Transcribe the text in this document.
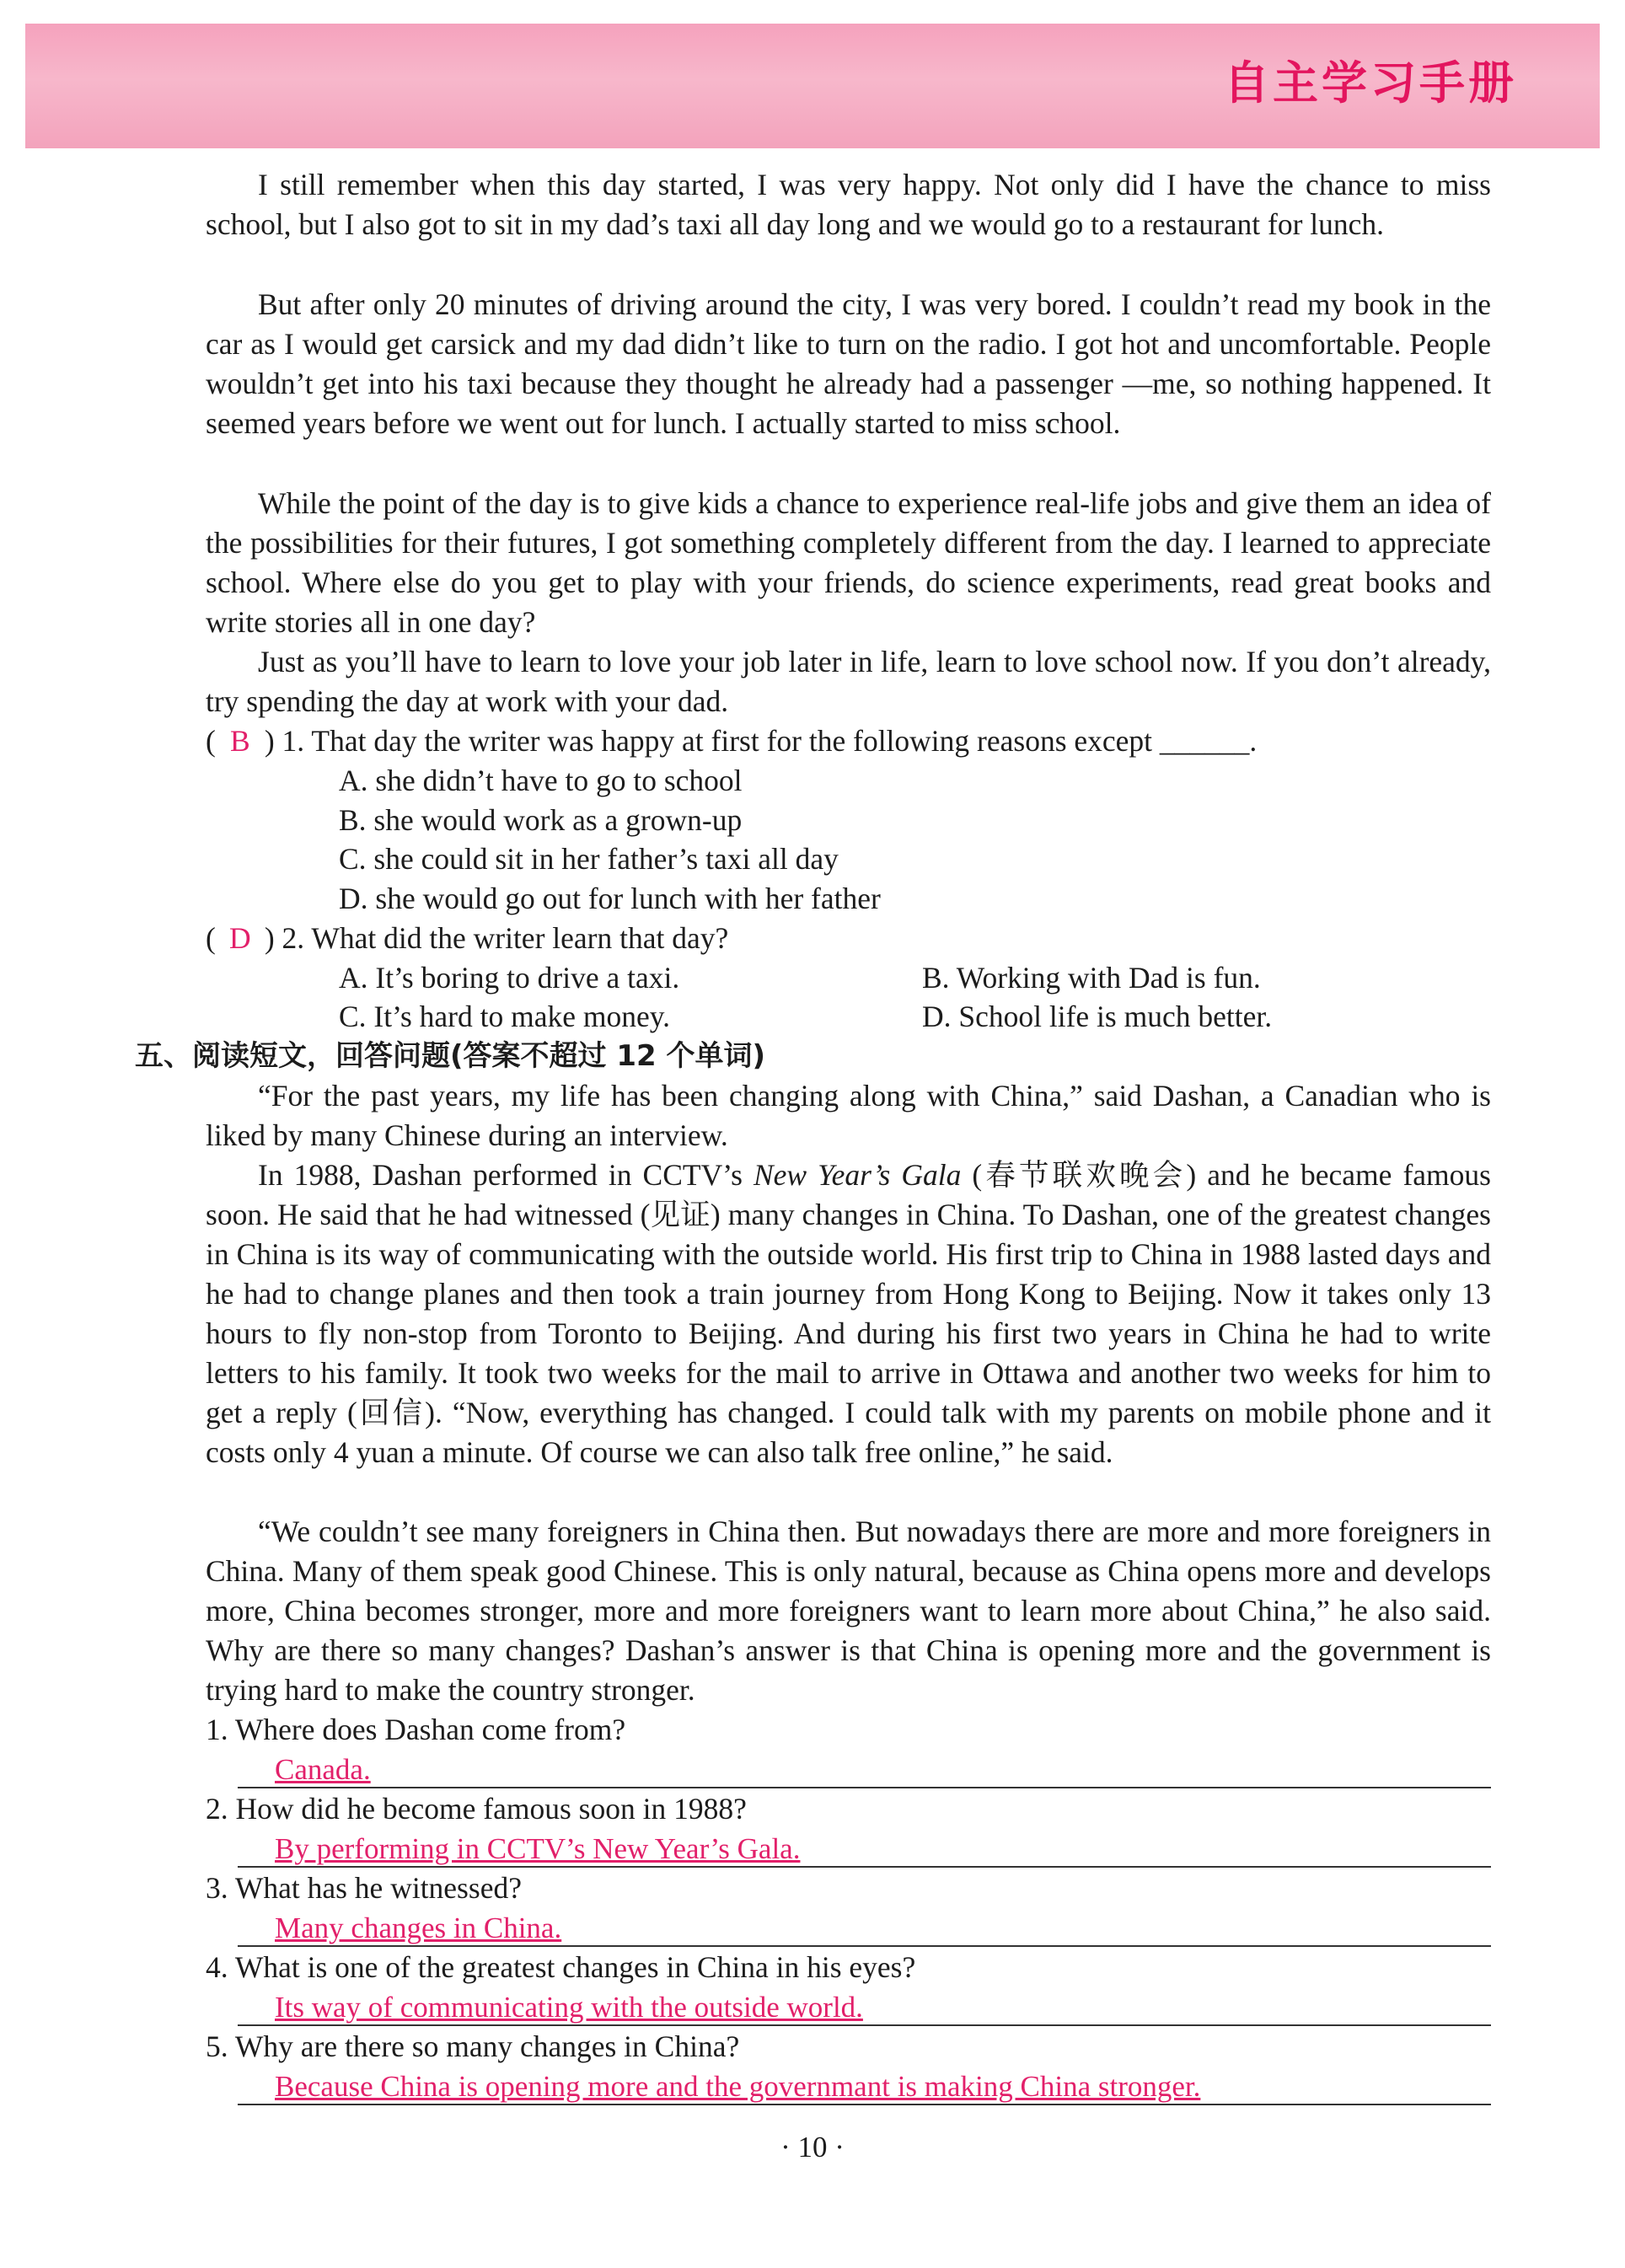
自主学习手册

I still remember when this day started, I was very happy. Not only did I have the chance to miss school, but I also got to sit in my dad’s taxi all day long and we would go to a restaurant for lunch.

But after only 20 minutes of driving around the city, I was very bored. I couldn’t read my book in the car as I would get carsick and my dad didn’t like to turn on the radio. I got hot and uncomfortable. People wouldn’t get into his taxi because they thought he already had a passenger —me, so nothing happened. It seemed years before we went out for lunch. I actually started to miss school.

While the point of the day is to give kids a chance to experience real-life jobs and give them an idea of the possibilities for their futures, I got something completely different from the day. I learned to appreciate school. Where else do you get to play with your friends, do science experiments, read great books and write stories all in one day?

Just as you’ll have to learn to love your job later in life, learn to love school now. If you don’t already, try spending the day at work with your dad.

( B ) 1. That day the writer was happy at first for the following reasons except ______.
A. she didn’t have to go to school
B. she would work as a grown-up
C. she could sit in her father’s taxi all day
D. she would go out for lunch with her father
( D ) 2. What did the writer learn that day?
A. It’s boring to drive a taxi.	B. Working with Dad is fun.
C. It’s hard to make money.	D. School life is much better.
五、阅读短文，回答问题(答案不超过 12 个单词)

“For the past years, my life has been changing along with China,” said Dashan, a Canadian who is liked by many Chinese during an interview.

In 1988, Dashan performed in CCTV’s New Year’s Gala (春节联欢晚会) and he became famous soon. He said that he had witnessed (见证) many changes in China. To Dashan, one of the greatest changes in China is its way of communicating with the outside world. His first trip to China in 1988 lasted days and he had to change planes and then took a train journey from Hong Kong to Beijing. Now it takes only 13 hours to fly non-stop from Toronto to Beijing. And during his first two years in China he had to write letters to his family. It took two weeks for the mail to arrive in Ottawa and another two weeks for him to get a reply (回信). “Now, everything has changed. I could talk with my parents on mobile phone and it costs only 4 yuan a minute. Of course we can also talk free online,” he said.

“We couldn’t see many foreigners in China then. But nowadays there are more and more foreigners in China. Many of them speak good Chinese. This is only natural, because as China opens more and develops more, China becomes stronger, more and more foreigners want to learn more about China,” he also said. Why are there so many changes? Dashan’s answer is that China is opening more and the government is trying hard to make the country stronger.

1. Where does Dashan come from?
Canada.
2. How did he become famous soon in 1988?
By performing in CCTV’s New Year’s Gala.
3. What has he witnessed?
Many changes in China.
4. What is one of the greatest changes in China in his eyes?
Its way of communicating with the outside world.
5. Why are there so many changes in China?
Because China is opening more and the governmant is making China stronger.
· 10 ·
